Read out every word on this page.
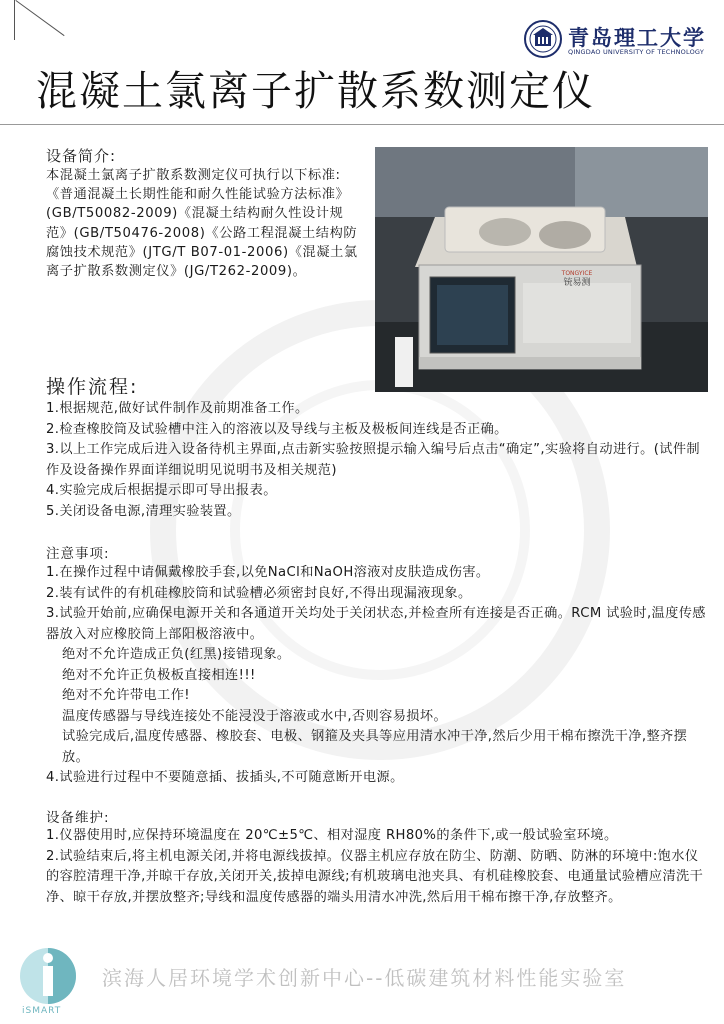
青岛理工大学
QINGDAO UNIVERSITY OF TECHNOLOGY
混凝土氯离子扩散系数测定仪
设备简介:
本混凝土氯离子扩散系数测定仪可执行以下标准:《普通混凝土长期性能和耐久性能试验方法标准》(GB/T50082-2009)《混凝土结构耐久性设计规范》(GB/T50476-2008)《公路工程混凝土结构防腐蚀技术规范》(JTG/T B07-01-2006)《混凝土氯离子扩散系数测定仪》(JG/T262-2009)。	TONGYICE
铳易测
操作流程:

1.根据规范,做好试件制作及前期准备工作。

2.检查橡胶筒及试验槽中注入的溶液以及导线与主板及极板间连线是否正确。

3.以上工作完成后进入设备待机主界面,点击新实验按照提示输入编号后点击“确定”,实验将自动进行。(试件制作及设备操作界面详细说明见说明书及相关规范)

4.实验完成后根据提示即可导出报表。

5.关闭设备电源,清理实验装置。

注意事项:

1.在操作过程中请佩戴橡胶手套,以免NaCl和NaOH溶液对皮肤造成伤害。

2.装有试件的有机硅橡胶筒和试验槽必须密封良好,不得出现漏液现象。

3.试验开始前,应确保电源开关和各通道开关均处于关闭状态,并检查所有连接是否正确。RCM 试验时,温度传感器放入对应橡胶筒上部阳极溶液中。

绝对不允许造成正负(红黑)接错现象。

绝对不允许正负极板直接相连!!!

绝对不允许带电工作!

温度传感器与导线连接处不能浸没于溶液或水中,否则容易损坏。

试验完成后,温度传感器、橡胶套、电极、钢箍及夹具等应用清水冲干净,然后少用干棉布擦洗干净,整齐摆放。

4.试验进行过程中不要随意插、拔插头,不可随意断开电源。

设备维护:

1.仪器使用时,应保持环境温度在 20℃±5℃、相对湿度 RH80%的条件下,或一般试验室环境。

2.试验结束后,将主机电源关闭,并将电源线拔掉。仪器主机应存放在防尘、防潮、防晒、防淋的环境中:饱水仪的容腔清理干净,并晾干存放,关闭开关,拔掉电源线;有机玻璃电池夹具、有机硅橡胶套、电通量试验槽应清洗干净、晾干存放,并摆放整齐;导线和温度传感器的端头用清水冲洗,然后用干棉布擦干净,存放整齐。

iSMART
滨海人居环境学术创新中心--低碳建筑材料性能实验室
